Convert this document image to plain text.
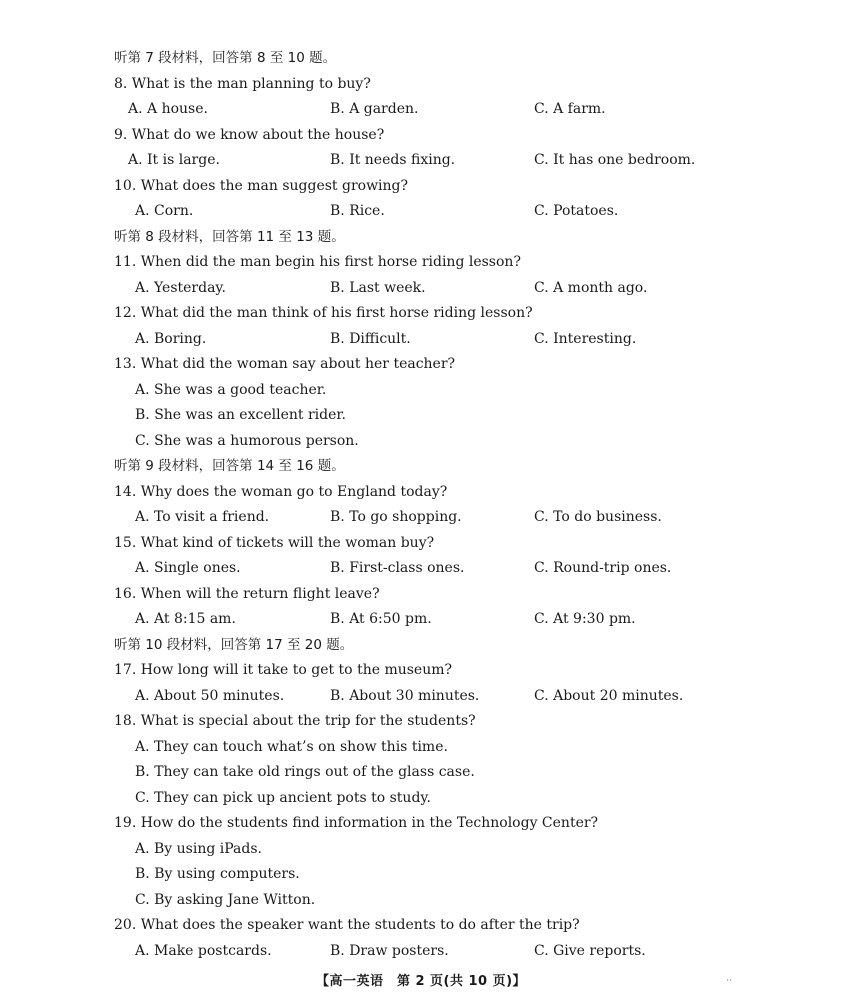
听第 7 段材料，回答第 8 至 10 题。
8. What is the man planning to buy?
A. A house.	B. A garden.	C. A farm.
9. What do we know about the house?
A. It is large.	B. It needs fixing.	C. It has one bedroom.
10. What does the man suggest growing?
A. Corn.	B. Rice.	C. Potatoes.
听第 8 段材料，回答第 11 至 13 题。
11. When did the man begin his first horse riding lesson?
A. Yesterday.	B. Last week.	C. A month ago.
12. What did the man think of his first horse riding lesson?
A. Boring.	B. Difficult.	C. Interesting.
13. What did the woman say about her teacher?
A. She was a good teacher.
B. She was an excellent rider.
C. She was a humorous person.
听第 9 段材料，回答第 14 至 16 题。
14. Why does the woman go to England today?
A. To visit a friend.	B. To go shopping.	C. To do business.
15. What kind of tickets will the woman buy?
A. Single ones.	B. First-class ones.	C. Round-trip ones.
16. When will the return flight leave?
A. At 8:15 am.	B. At 6:50 pm.	C. At 9:30 pm.
听第 10 段材料，回答第 17 至 20 题。
17. How long will it take to get to the museum?
A. About 50 minutes.	B. About 30 minutes.	C. About 20 minutes.
18. What is special about the trip for the students?
A. They can touch what’s on show this time.
B. They can take old rings out of the glass case.
C. They can pick up ancient pots to study.
19. How do the students find information in the Technology Center?
A. By using iPads.
B. By using computers.
C. By asking Jane Witton.
20. What does the speaker want the students to do after the trip?
A. Make postcards.	B. Draw posters.	C. Give reports.
【高一英语　第 2 页(共 10 页)】	··
